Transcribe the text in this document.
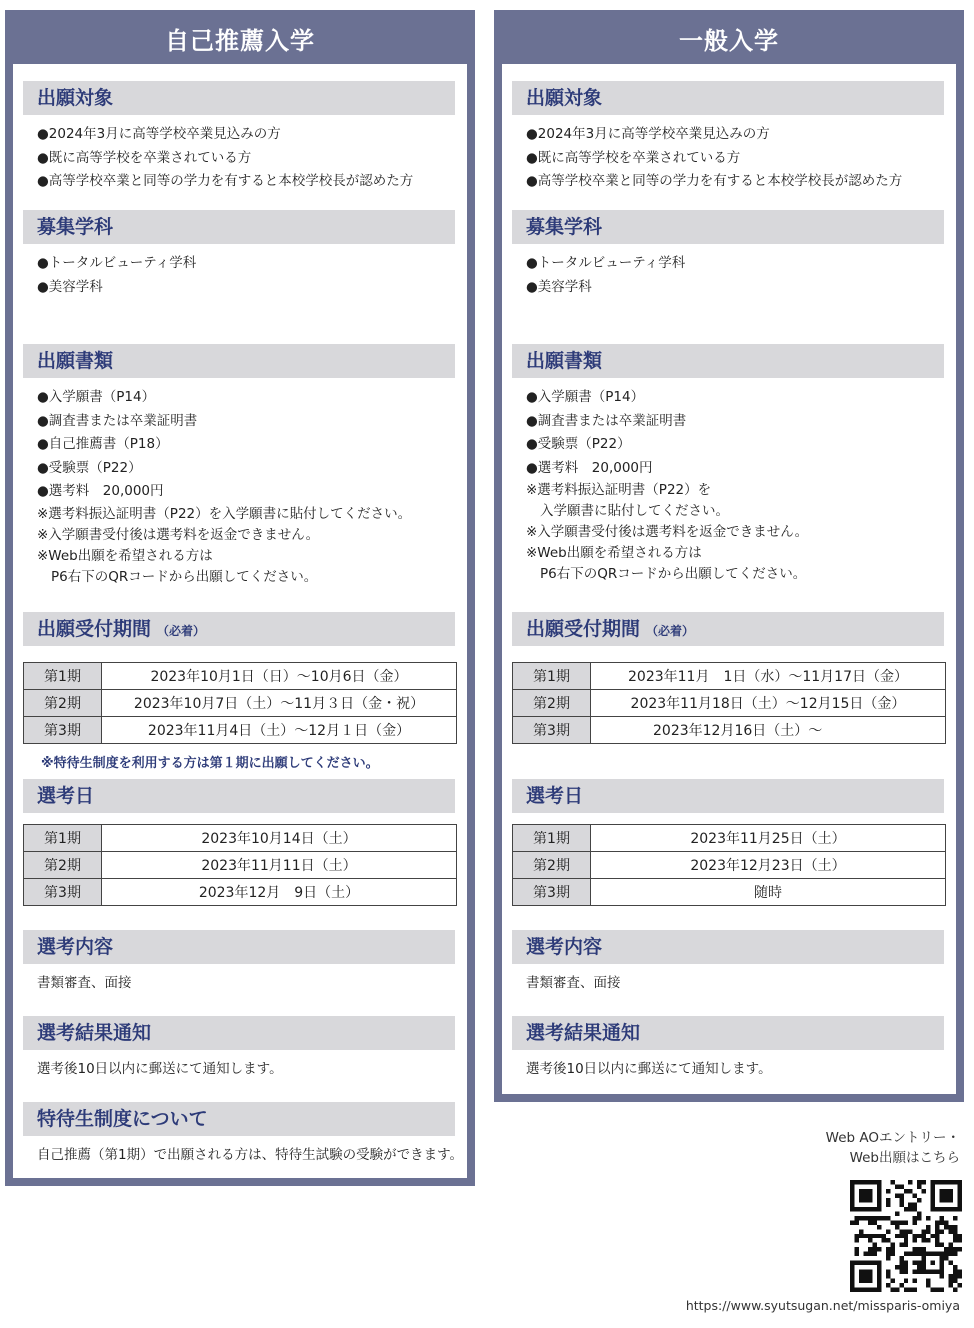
自己推薦入学
出願対象
●2024年3月に高等学校卒業見込みの方
●既に高等学校を卒業されている方
●高等学校卒業と同等の学力を有すると本校学校長が認めた方
募集学科
●トータルビューティ学科
●美容学科
出願書類
●入学願書（P14）
●調査書または卒業証明書
●自己推薦書（P18）
●受験票（P22）
●選考料　20,000円
※選考料振込証明書（P22）を入学願書に貼付してください。
※入学願書受付後は選考料を返金できません。
※Web出願を希望される方は
P6右下のQRコードから出願してください。
出願受付期間 （必着）
第1期	2023年10月1日（日）～10月6日（金）
第2期	2023年10月7日（土）～11月３日（金・祝）
第3期	2023年11月4日（土）～12月１日（金）
※特待生制度を利用する方は第１期に出願してください。
選考日
第1期	2023年10月14日（土）
第2期	2023年11月11日（土）
第3期	2023年12月　9日（土）
選考内容
書類審査、面接
選考結果通知
選考後10日以内に郵送にて通知します。
特待生制度について
自己推薦（第1期）で出願される方は、特待生試験の受験ができます。
一般入学
出願対象
●2024年3月に高等学校卒業見込みの方
●既に高等学校を卒業されている方
●高等学校卒業と同等の学力を有すると本校学校長が認めた方
募集学科
●トータルビューティ学科
●美容学科
出願書類
●入学願書（P14）
●調査書または卒業証明書
●受験票（P22）
●選考料　20,000円
※選考料振込証明書（P22）を
入学願書に貼付してください。
※入学願書受付後は選考料を返金できません。
※Web出願を希望される方は
P6右下のQRコードから出願してください。
出願受付期間 （必着）
第1期	2023年11月　1日（水）～11月17日（金）
第2期	2023年11月18日（土）～12月15日（金）
第3期	2023年12月16日（土）～
選考日
第1期	2023年11月25日（土）
第2期	2023年12月23日（土）
第3期	随時
選考内容
書類審査、面接
選考結果通知
選考後10日以内に郵送にて通知します。
Web AOエントリー・
Web出願はこちら
https://www.syutsugan.net/missparis-omiya
